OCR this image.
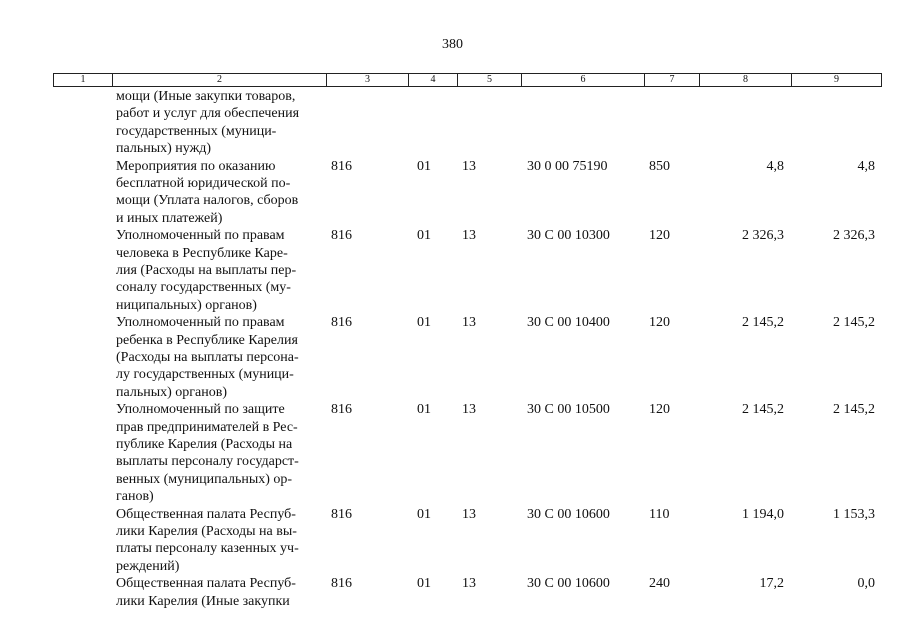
380
1	2	3	4	5	6	7	8	9
мощи (Иные закупки товаров,
работ и услуг для обеспечения
государственных (муници-
пальных) нужд)
Мероприятия по оказанию
бесплатной юридической по-
мощи (Уплата налогов, сборов
и иных платежей)
816	01 13	30 0 00 75190	850	4,8	4,8
Уполномоченный по правам
человека в Республике Каре-
лия (Расходы на выплаты пер-
соналу государственных (му-
ниципальных) органов)
816	01 13	30 С 00 10300	120	2 326,3	2 326,3
Уполномоченный по правам
ребенка в Республике Карелия
(Расходы на выплаты персона-
лу государственных (муници-
пальных) органов)
816	01 13	30 С 00 10400	120	2 145,2	2 145,2
Уполномоченный по защите
прав предпринимателей в Рес-
публике Карелия (Расходы на
выплаты персоналу государст-
венных (муниципальных) ор-
ганов)
816	01 13	30 С 00 10500	120	2 145,2	2 145,2
Общественная палата Респуб-
лики Карелия (Расходы на вы-
платы персоналу казенных уч-
реждений)
816	01 13	30 С 00 10600	110	1 194,0	1 153,3
Общественная палата Респуб-
лики Карелия (Иные закупки
816	01 13	30 С 00 10600	240	17,2	0,0
